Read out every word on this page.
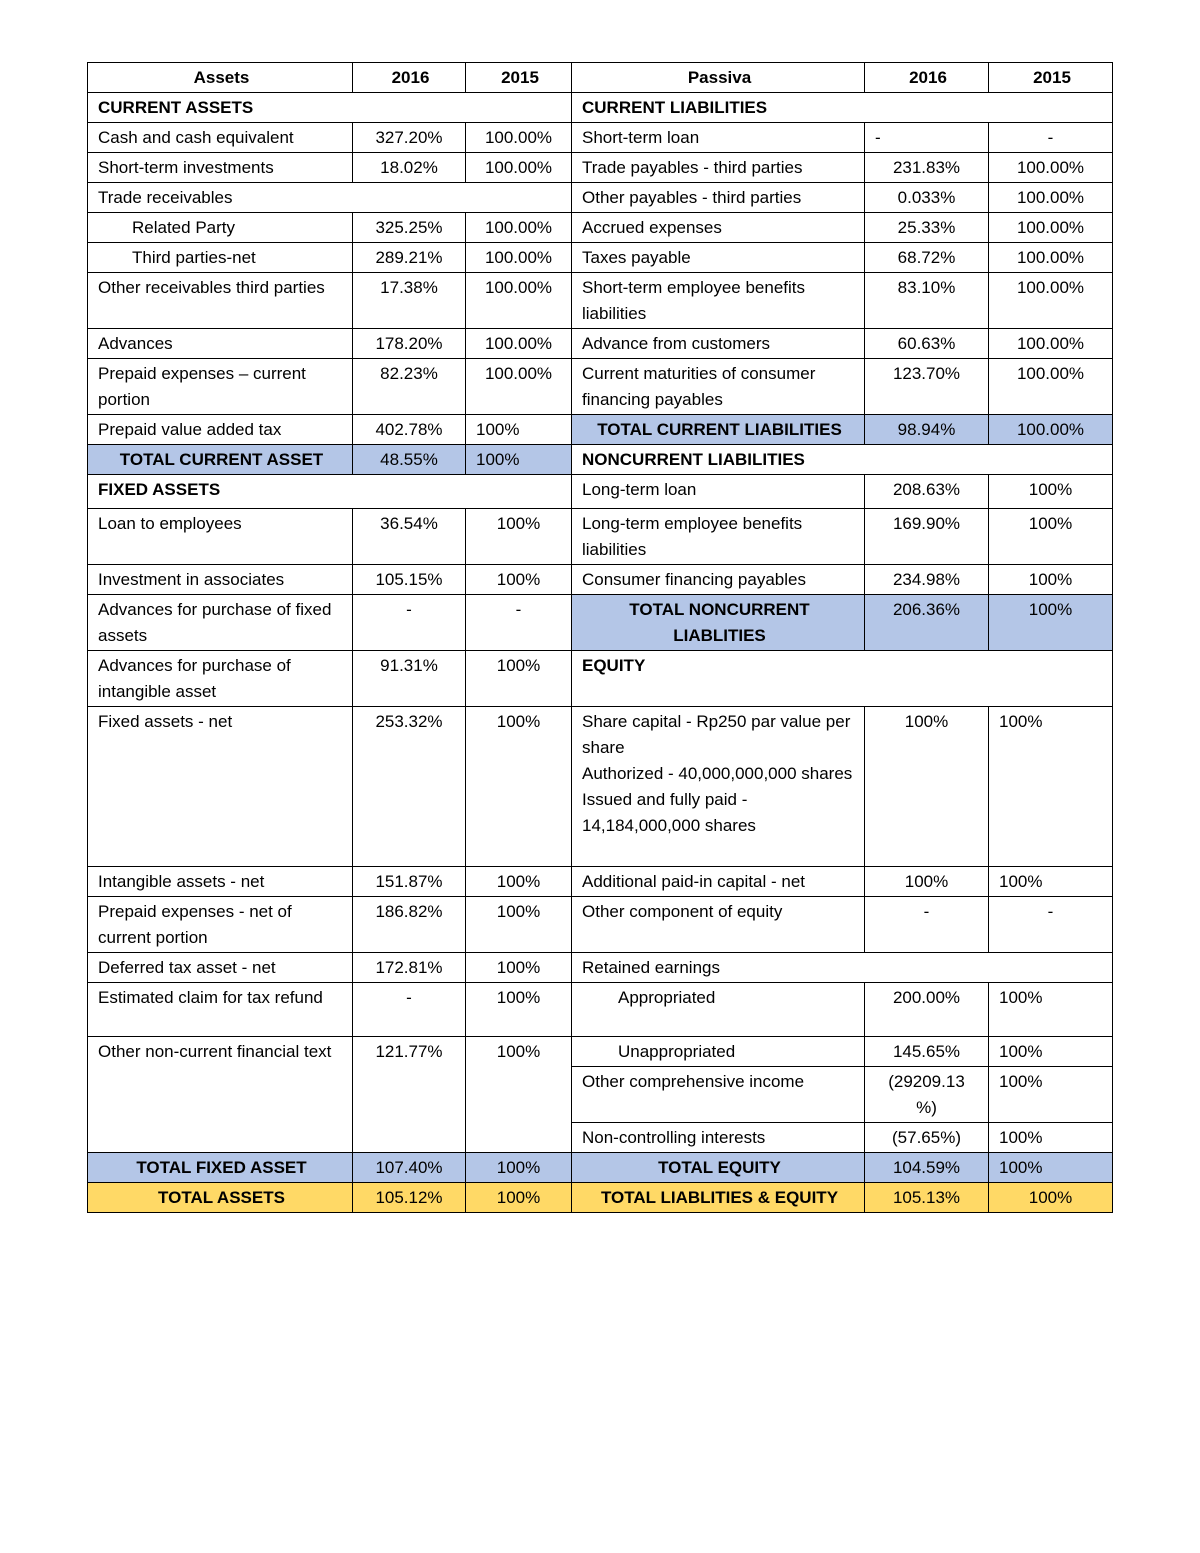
Assets	2016	2015	Passiva	2016	2015
CURRENT ASSETS			CURRENT LIABILITIES		
Cash and cash equivalent	327.20%	100.00%	Short-term loan	-	-
Short-term investments	18.02%	100.00%	Trade payables - third parties	231.83%	100.00%
Trade receivables			Other payables - third parties	0.033%	100.00%
Related Party	325.25%	100.00%	Accrued expenses	25.33%	100.00%
Third parties-net	289.21%	100.00%	Taxes payable	68.72%	100.00%
Other receivables third parties	17.38%	100.00%	Short-term employee benefits liabilities	83.10%	100.00%
Advances	178.20%	100.00%	Advance from customers	60.63%	100.00%
Prepaid expenses – current portion	82.23%	100.00%	Current maturities of consumer financing payables	123.70%	100.00%
Prepaid value added tax	402.78%	100%	TOTAL CURRENT LIABILITIES	98.94%	100.00%
TOTAL CURRENT ASSET	48.55%	100%	NONCURRENT LIABILITIES		
FIXED ASSETS			Long-term loan	208.63%	100%
Loan to employees	36.54%	100%	Long-term employee benefits liabilities	169.90%	100%
Investment in associates	105.15%	100%	Consumer financing payables	234.98%	100%
Advances for purchase of fixed assets	-	-	TOTAL NONCURRENT LIABLITIES	206.36%	100%
Advances for purchase of intangible asset	91.31%	100%	EQUITY		
Fixed assets - net	253.32%	100%	Share capital - Rp250 par value per share
Authorized - 40,000,000,000 shares
Issued and fully paid - 14,184,000,000 shares	100%	100%
Intangible assets - net	151.87%	100%	Additional paid-in capital - net	100%	100%
Prepaid expenses - net of current portion	186.82%	100%	Other component of equity	-	-
Deferred tax asset - net	172.81%	100%	Retained earnings		
Estimated claim for tax refund	-	100%	Appropriated	200.00%	100%
Other non-current financial text	121.77%	100%	Unappropriated	145.65%	100%
			Other comprehensive income	(29209.13 %)	100%
			Non-controlling interests	(57.65%)	100%
TOTAL FIXED ASSET	107.40%	100%	TOTAL EQUITY	104.59%	100%
TOTAL ASSETS	105.12%	100%	TOTAL LIABLITIES & EQUITY	105.13%	100%
